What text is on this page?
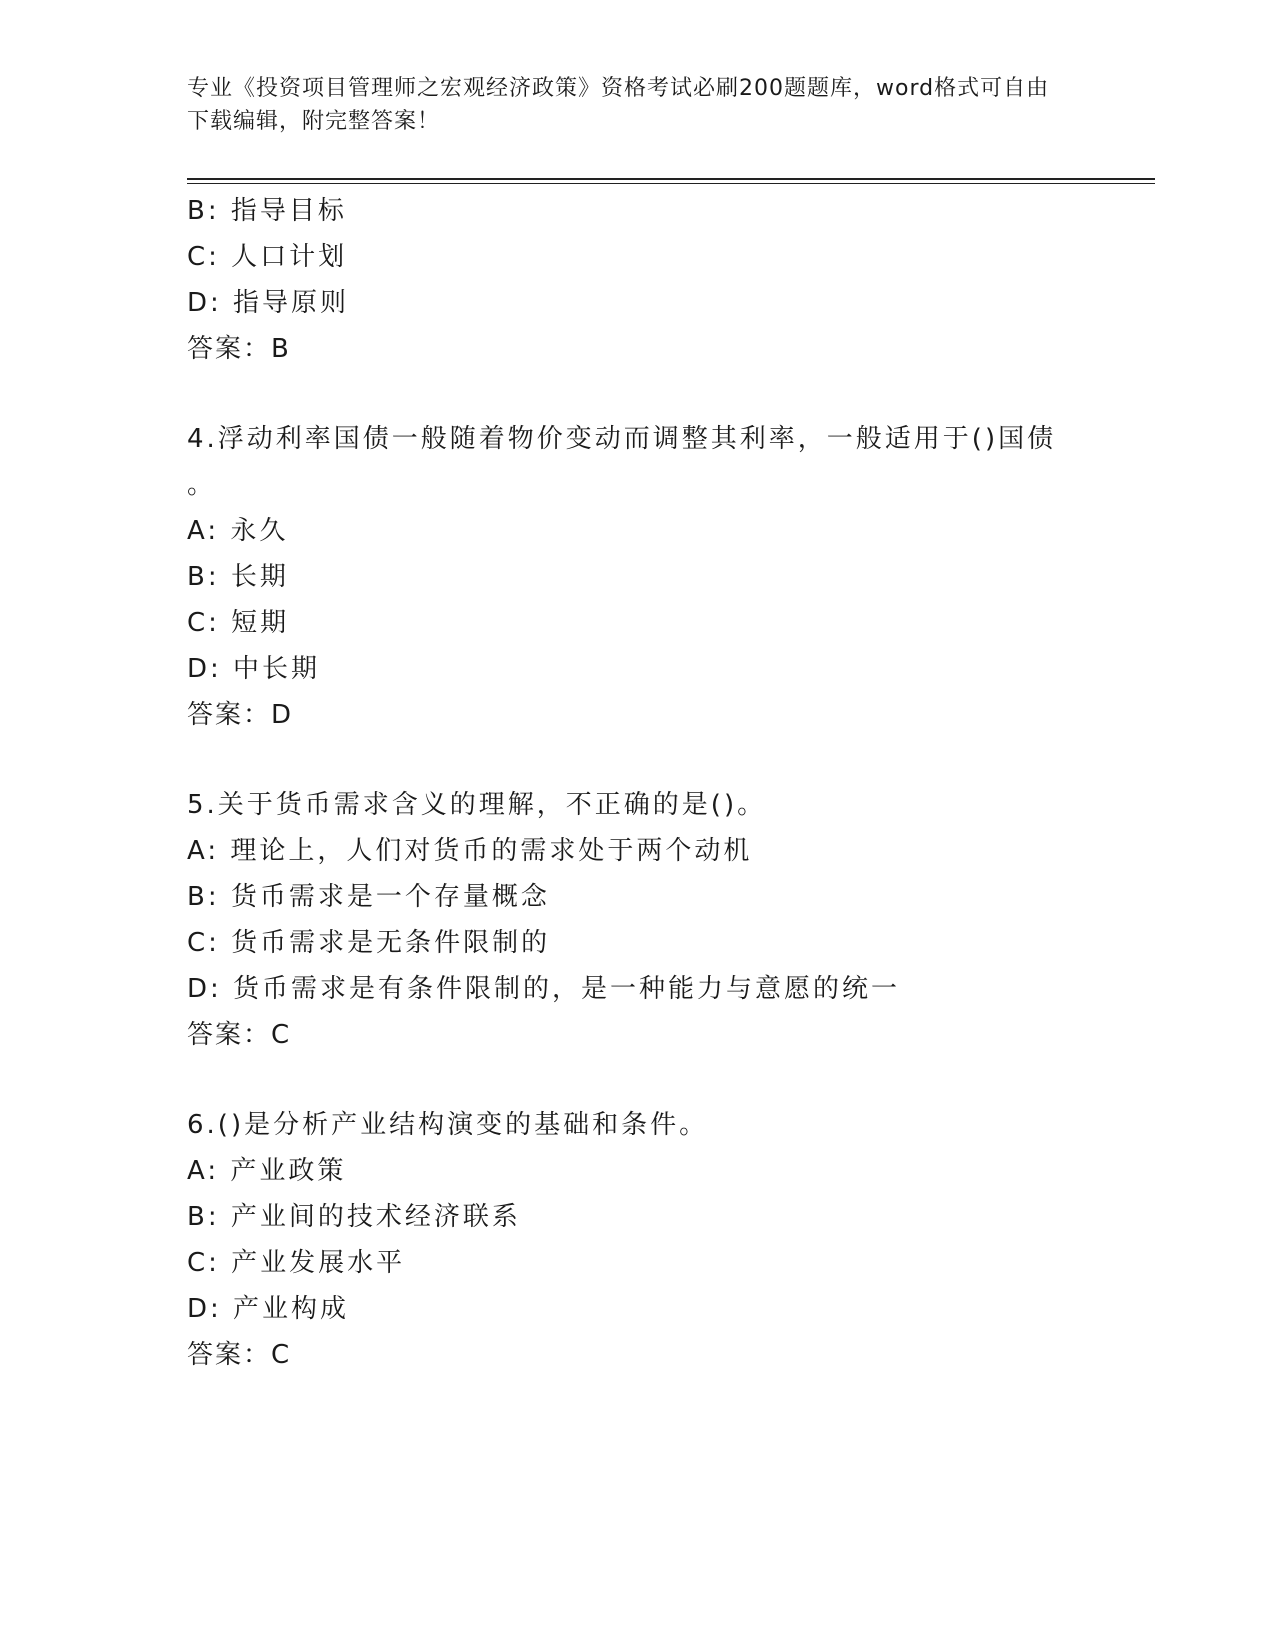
专业《投资项目管理师之宏观经济政策》资格考试必刷200题题库，word格式可自由下载编辑，附完整答案！
B: 指导目标
C: 人口计划
D: 指导原则
答案：B
4.浮动利率国债一般随着物价变动而调整其利率，一般适用于()国债
。
A: 永久
B: 长期
C: 短期
D: 中长期
答案：D
5.关于货币需求含义的理解，不正确的是()。
A: 理论上，人们对货币的需求处于两个动机
B: 货币需求是一个存量概念
C: 货币需求是无条件限制的
D: 货币需求是有条件限制的，是一种能力与意愿的统一
答案：C
6.()是分析产业结构演变的基础和条件。
A: 产业政策
B: 产业间的技术经济联系
C: 产业发展水平
D: 产业构成
答案：C
